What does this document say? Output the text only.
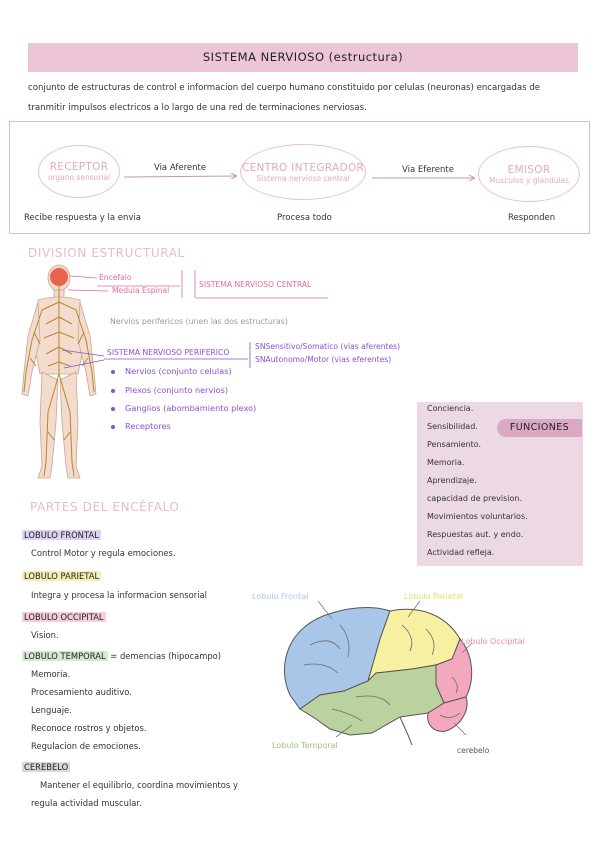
SISTEMA NERVIOSO (estructura)
conjunto de estructuras de control e informacion del cuerpo humano constituido por celulas (neuronas) encargadas de tranmitir impulsos electricos a lo largo de una red de terminaciones nerviosas.
RECEPTOR
organo sensorial
Via Aferente	CENTRO INTEGRADOR
Sistema nervioso central
Via Eferente	EMISOR
Musculos y glandulas
Recibe respuesta y la envia	Procesa todo	Responden
DIVISION ESTRUCTURAL
Encefalo
Medula Espinal
SISTEMA NERVIOSO CENTRAL
Nervios perifericos (unen las dos estructuras)
SISTEMA NERVIOSO PERIFERICO
SNSensitivo/Somatico (vias aferentes)
SNAutonomo/Motor (vias eferentes)
Nervios (conjunto celulas)
Plexos (conjunto nervios)
Ganglios (abombamiento plexo)
Receptores	FUNCIONES
Conciencia.
Sensibilidad.
Pensamiento.
Memoria.
Aprendizaje.
capacidad de prevision.
Movimientos voluntarios.
Respuestas aut. y endo.
Actividad refleja.
PARTES DEL ENCÉFALO
LOBULO FRONTAL
Control Motor y regula emociones.
LOBULO PARIETAL
Integra y procesa la informacion sensorial
LOBULO OCCIPITAL
Vision.
LOBULO TEMPORAL = demencias (hipocampo)
Memoria.
Procesamiento auditivo.
Lenguaje.
Reconoce rostros y objetos.
Regulacion de emociones.
CEREBELO
Mantener el equilibrio, coordina movimientos y
regula actividad muscular.
Lobulo Frontal	Lobulo Parietal
Lobulo Occipital
Lobulo Temporal
cerebelo
